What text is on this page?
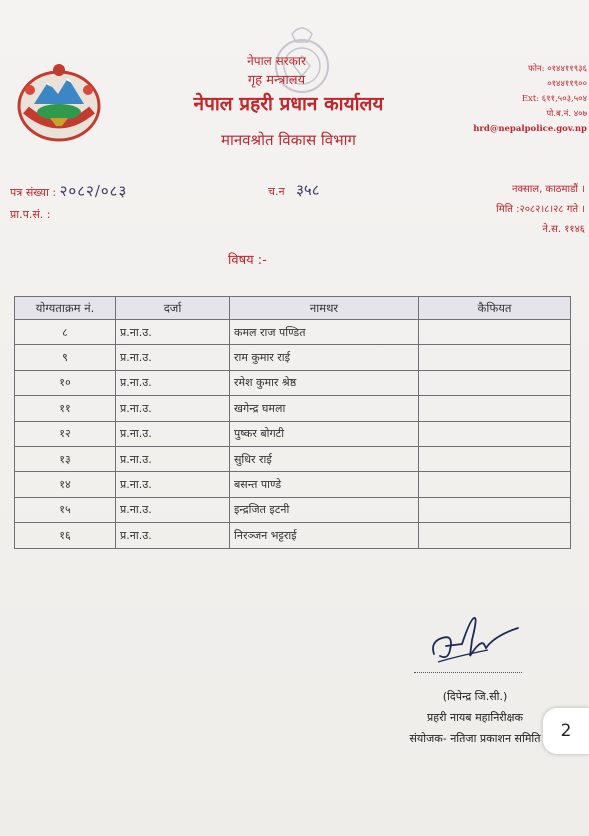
नेपाल सरकार
गृह मन्त्रालय
नेपाल प्रहरी प्रधान कार्यालय
मानवश्रोत विकास विभाग
फोन: ०१४४११९३६
०१४४११९००
Ext: ६११,५०३,५०४
पो.ब.नं. ४०७
hrd@nepalpolice.gov.np
पत्र संख्या : २०८२/०८३
प्रा.प.सं. :
च.न ३५८	नक्साल, काठमाडौं ।
मिति :२०८२।८।२८ गते ।
ने.स. ११४६
विषय :-
योग्यताक्रम नं.	दर्जा	नामथर	कैफियत
८	प्र.ना.उ.	कमल राज पण्डित	
९	प्र.ना.उ.	राम कुमार राई	
१०	प्र.ना.उ.	रमेश कुमार श्रेष्ठ	
११	प्र.ना.उ.	खगेन्द्र घमला	
१२	प्र.ना.उ.	पुष्कर बोगटी	
१३	प्र.ना.उ.	सुधिर राई	
१४	प्र.ना.उ.	बसन्त पाण्डे	
१५	प्र.ना.उ.	इन्द्रजित इटनी	
१६	प्र.ना.उ.	निरञ्जन भट्टराई	
(दिपेन्द्र जि.सी.)
प्रहरी नायब महानिरीक्षक
संयोजक- नतिजा प्रकाशन समिति	2
